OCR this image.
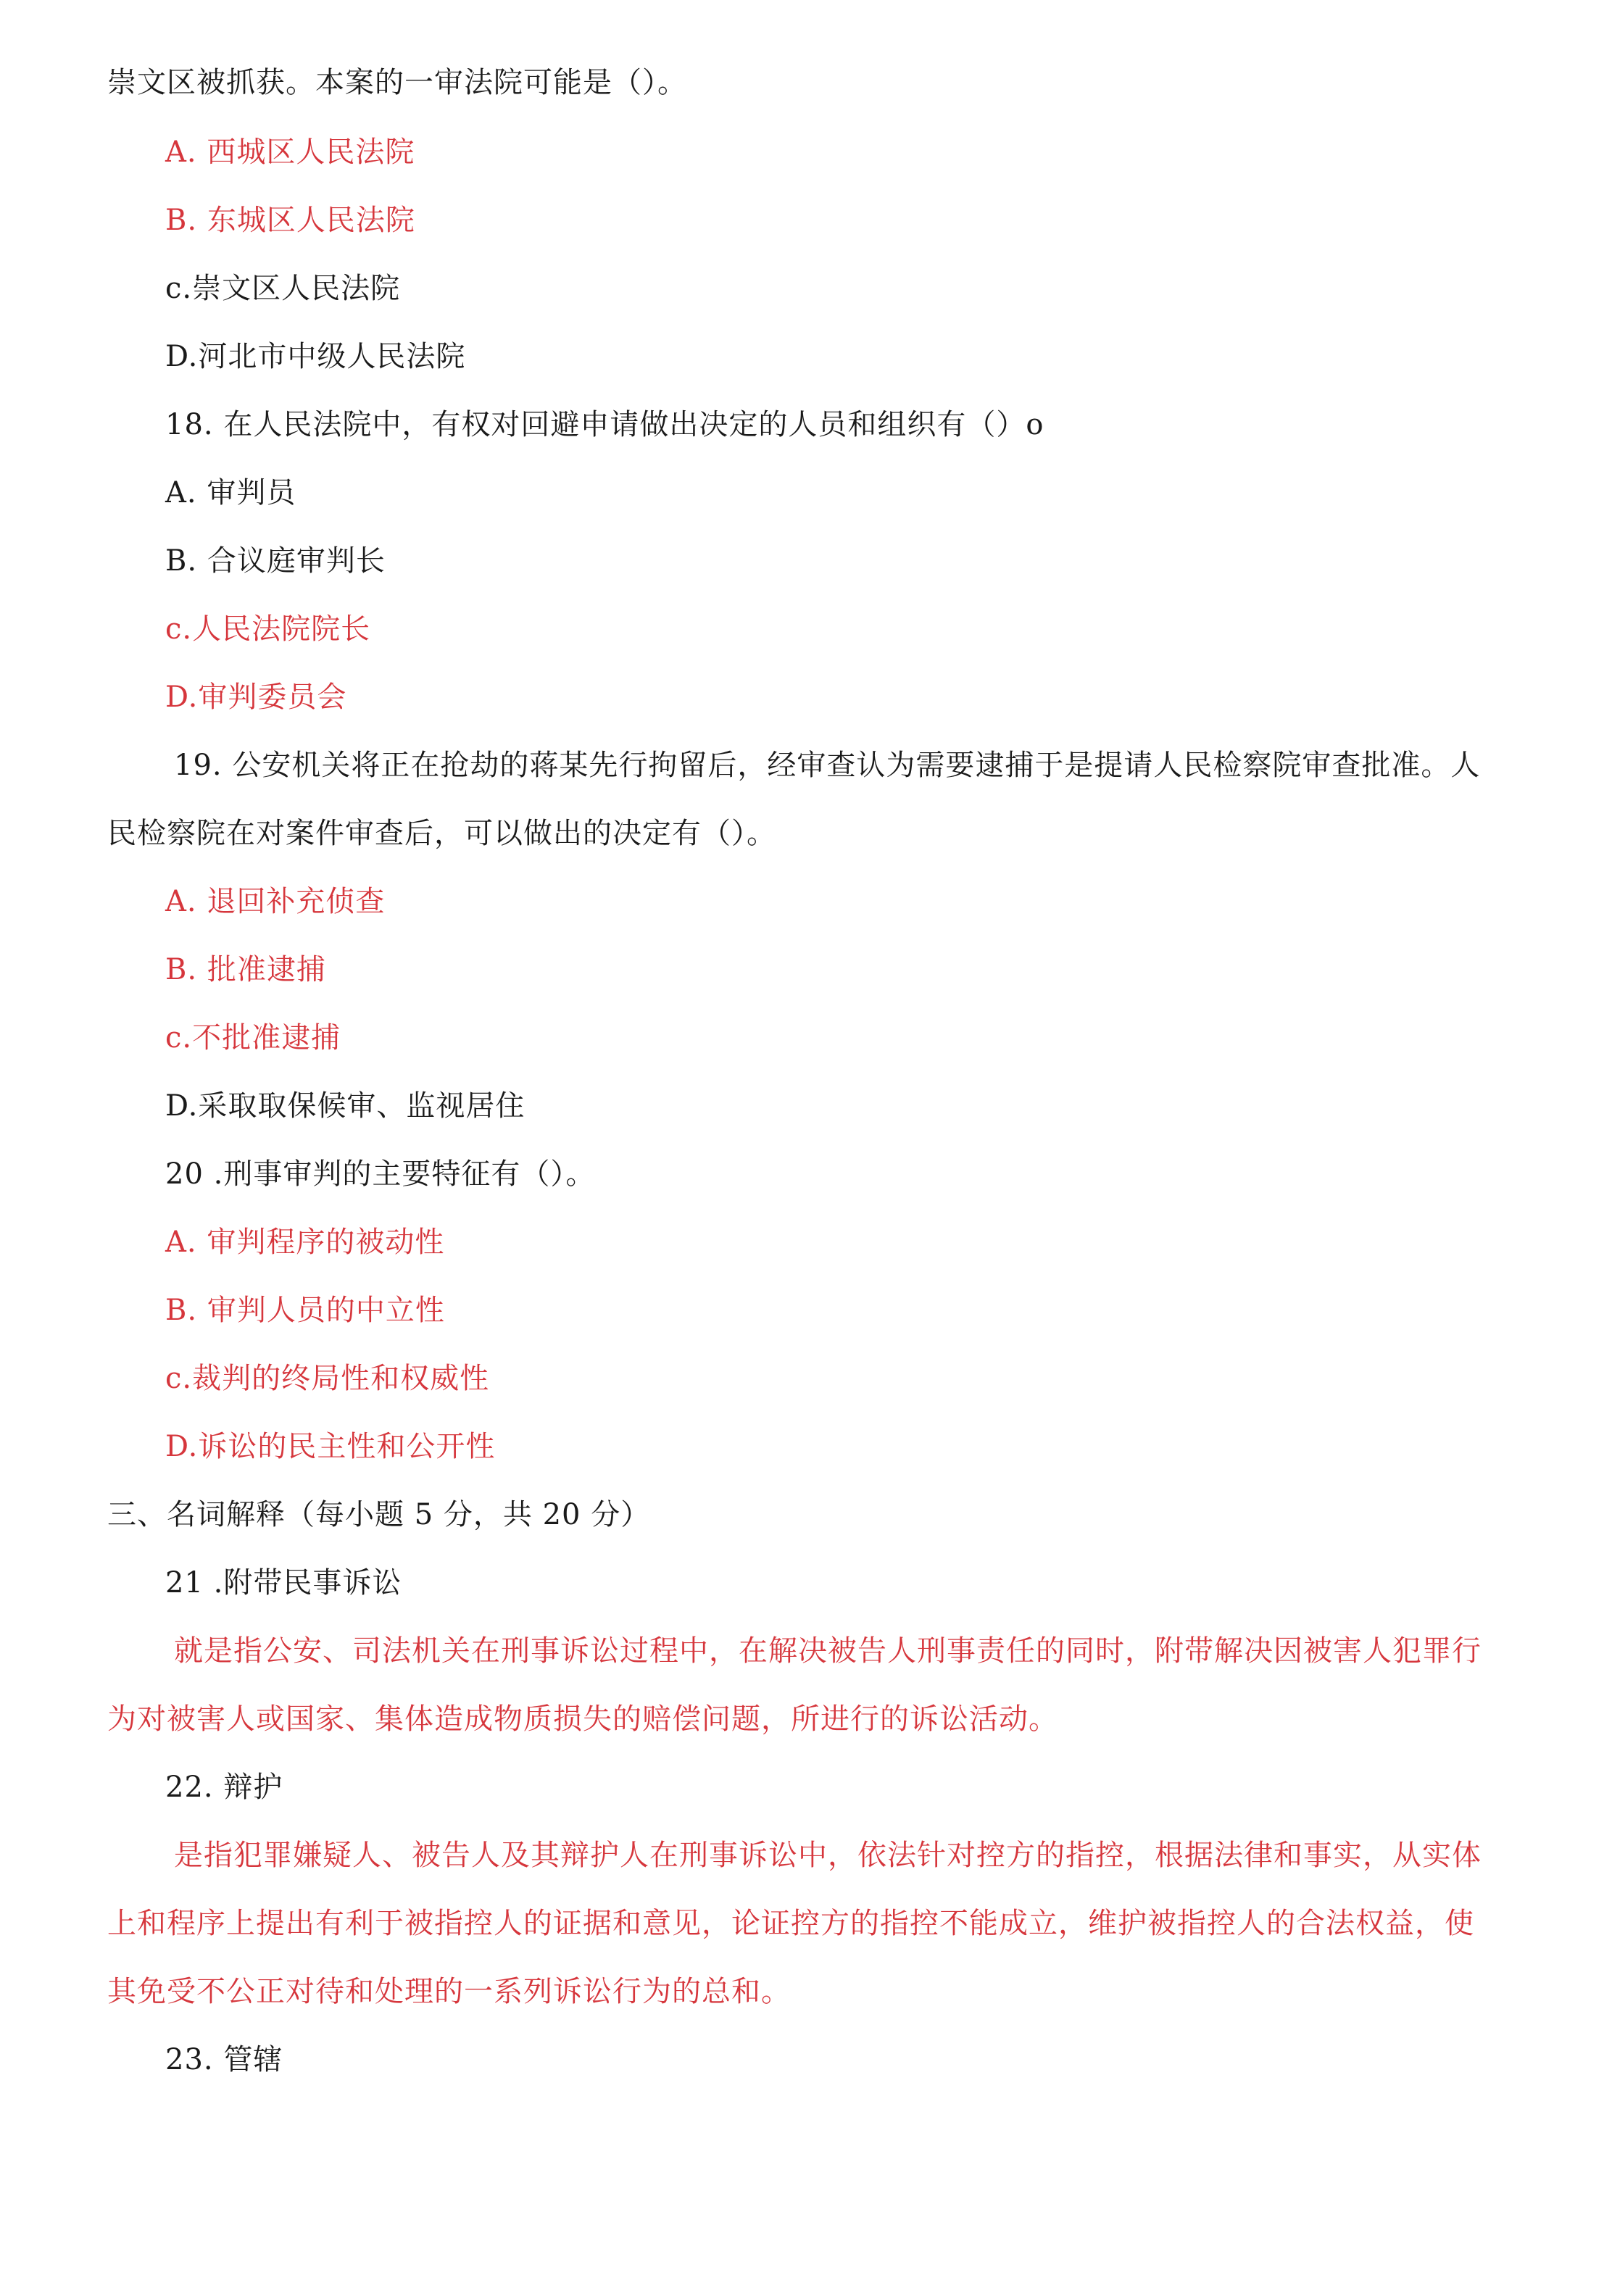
崇文区被抓获。本案的一审法院可能是（）。
A. 西城区人民法院
B. 东城区人民法院
c.崇文区人民法院
D.河北市中级人民法院
18. 在人民法院中，有权对回避申请做出决定的人员和组织有（）o
A. 审判员
B. 合议庭审判长
c.人民法院院长
D.审判委员会
19. 公安机关将正在抢劫的蒋某先行拘留后，经审查认为需要逮捕于是提请人民检察院审查批准。人
民检察院在对案件审查后，可以做出的决定有（）。
A. 退回补充侦查
B. 批准逮捕
c.不批准逮捕
D.采取取保候审、监视居住
20 .刑事审判的主要特征有（）。
A. 审判程序的被动性
B. 审判人员的中立性
c.裁判的终局性和权威性
D.诉讼的民主性和公开性
三、名词解释（每小题 5 分，共 20 分）
21 .附带民事诉讼
就是指公安、司法机关在刑事诉讼过程中，在解决被告人刑事责任的同时，附带解决因被害人犯罪行
为对被害人或国家、集体造成物质损失的赔偿问题，所进行的诉讼活动。
22. 辩护
是指犯罪嫌疑人、被告人及其辩护人在刑事诉讼中，依法针对控方的指控，根据法律和事实，从实体
上和程序上提出有利于被指控人的证据和意见，论证控方的指控不能成立，维护被指控人的合法权益，使
其免受不公正对待和处理的一系列诉讼行为的总和。
23. 管辖
